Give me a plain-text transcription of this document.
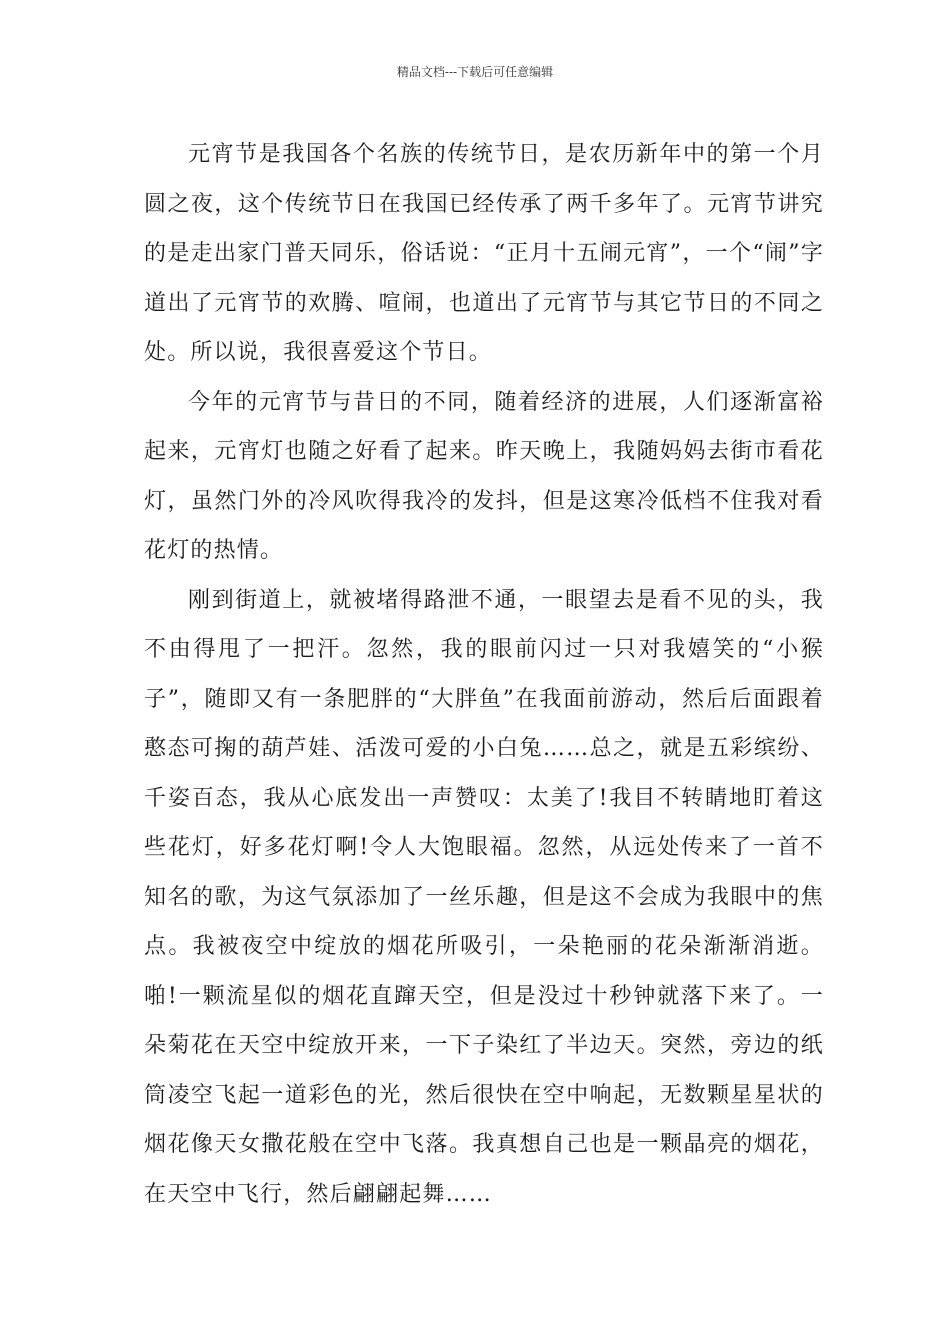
精品文档---下载后可任意编辑

元宵节是我国各个名族的传统节日，是农历新年中的第一个月圆之夜，这个传统节日在我国已经传承了两千多年了。元宵节讲究的是走出家门普天同乐，俗话说：“正月十五闹元宵”，一个“闹”字道出了元宵节的欢腾、喧闹，也道出了元宵节与其它节日的不同之处。所以说，我很喜爱这个节日。

今年的元宵节与昔日的不同，随着经济的进展，人们逐渐富裕起来，元宵灯也随之好看了起来。昨天晚上，我随妈妈去街市看花灯，虽然门外的冷风吹得我冷的发抖，但是这寒冷低档不住我对看花灯的热情。

刚到街道上，就被堵得路泄不通，一眼望去是看不见的头，我不由得甩了一把汗。忽然，我的眼前闪过一只对我嬉笑的“小猴子”，随即又有一条肥胖的“大胖鱼”在我面前游动，然后后面跟着憨态可掬的葫芦娃、活泼可爱的小白兔……总之，就是五彩缤纷、千姿百态，我从心底发出一声赞叹：太美了!我目不转睛地盯着这些花灯，好多花灯啊!令人大饱眼福。忽然，从远处传来了一首不知名的歌，为这气氛添加了一丝乐趣，但是这不会成为我眼中的焦点。我被夜空中绽放的烟花所吸引，一朵艳丽的花朵渐渐消逝。啪!一颗流星似的烟花直蹿天空，但是没过十秒钟就落下来了。一朵菊花在天空中绽放开来，一下子染红了半边天。突然，旁边的纸筒凌空飞起一道彩色的光，然后很快在空中响起，无数颗星星状的烟花像天女撒花般在空中飞落。我真想自己也是一颗晶亮的烟花，在天空中飞行，然后翩翩起舞……
